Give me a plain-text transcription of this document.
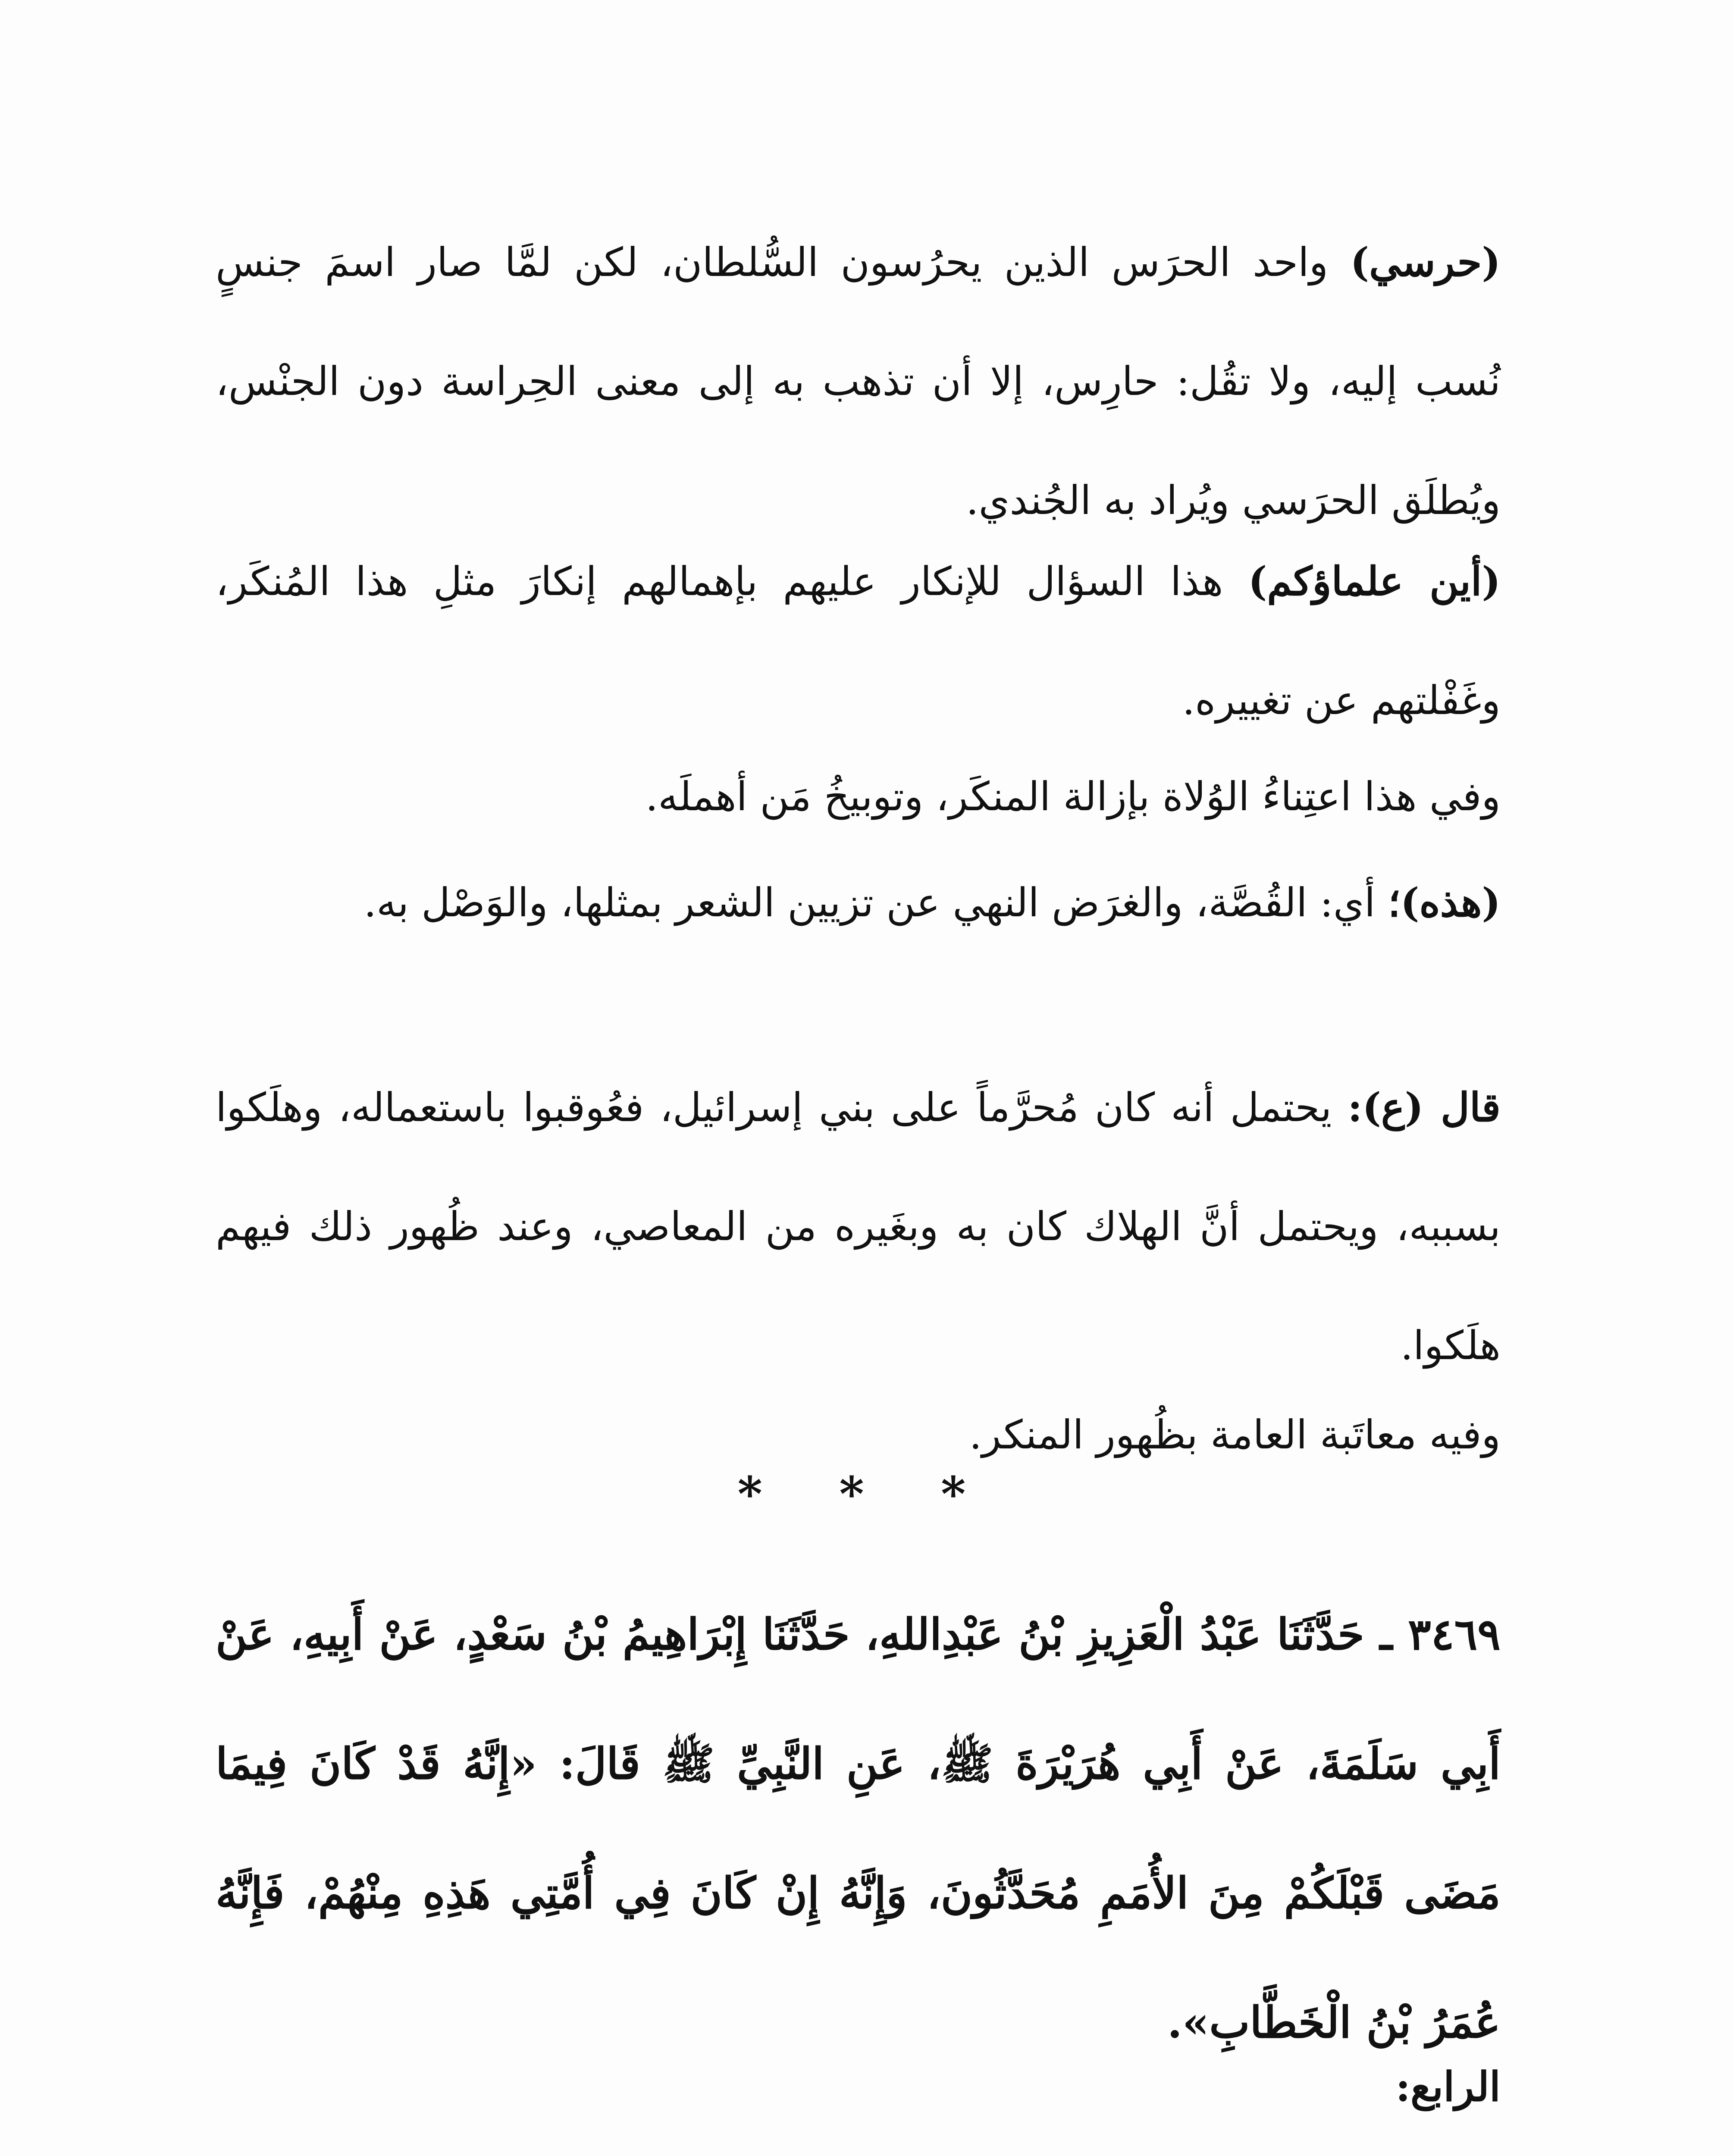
(حرسي) واحد الحرَس الذين يحرُسون السُّلطان، لكن لمَّا صار اسمَ جنسٍ نُسب إليه، ولا تقُل: حارِس، إلا أن تذهب به إلى معنى الحِراسة دون الجنْس، ويُطلَق الحرَسي ويُراد به الجُندي.

(أين علماؤكم) هذا السؤال للإنكار عليهم بإهمالهم إنكارَ مثلِ هذا المُنكَر، وغَفْلتهم عن تغييره.

وفي هذا اعتِناءُ الوُلاة بإزالة المنكَر، وتوبيخُ مَن أهملَه.

(هذه)؛ أي: القُصَّة، والغرَض النهي عن تزيين الشعر بمثلها، والوَصْل به.

قال (ع): يحتمل أنه كان مُحرَّماً على بني إسرائيل، فعُوقبوا باستعماله، وهلَكوا بسببه، ويحتمل أنَّ الهلاك كان به وبغَيره من المعاصي، وعند ظُهور ذلك فيهم هلَكوا.

وفيه معاتَبة العامة بظُهور المنكر.

* * *
٣٤٦٩ ـ حَدَّثَنَا عَبْدُ الْعَزِيزِ بْنُ عَبْدِاللهِ، حَدَّثَنَا إِبْرَاهِيمُ بْنُ سَعْدٍ، عَنْ أَبِيهِ، عَنْ أَبِي سَلَمَةَ، عَنْ أَبِي هُرَيْرَةَ ﷺ، عَنِ النَّبِيِّ ﷺ قَالَ: «إِنَّهُ قَدْ كَانَ فِيمَا مَضَى قَبْلَكُمْ مِنَ الأُمَمِ مُحَدَّثُونَ، وَإِنَّهُ إِنْ كَانَ فِي أُمَّتِي هَذِهِ مِنْهُمْ، فَإِنَّهُ عُمَرُ بْنُ الْخَطَّابِ».
الرابع:
